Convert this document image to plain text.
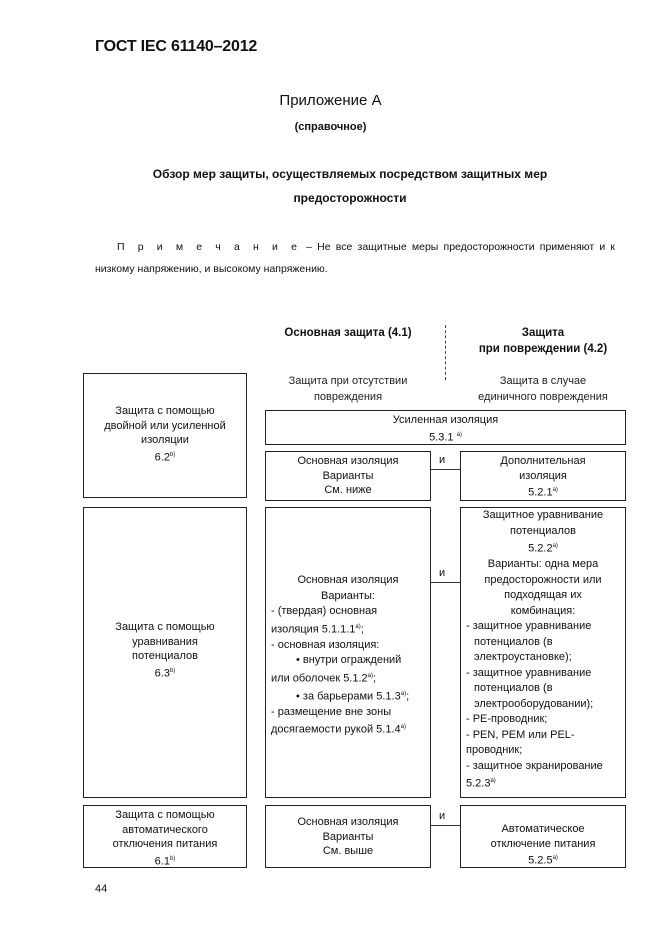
ГОСТ IEC 61140–2012
Приложение А
(справочное)
Обзор мер защиты, осуществляемых посредством защитных мер предосторожности
П р и м е ч а н и е – Не все защитные меры предосторожности применяют и к низкому напряжению, и высокому напряжению.
Основная защита (4.1)	Защита
при повреждении (4.2)
Защита при отсутствии
повреждения
Защита в случае
единичного повреждения
Защита с помощью
двойной или усиленной
изоляции
6.2$^{b)}$
Усиленная изоляция
5.3.1 $^{a)}$
Основная изоляция
Варианты
См. ниже
и	Дополнительная
изоляция
5.2.1$^{a)}$
Защита с помощью
уравнивания
потенциалов
6.3$^{b)}$
Основная изоляция
Варианты:
- (твердая) основная
изоляция 5.1.1.1$^{a)}$;
- основная изоляция:
• внутри ограждений
или оболочек 5.1.2$^{a)}$;
• за барьерами 5.1.3$^{a)}$;
- размещение вне зоны
досягаемости рукой 5.1.4$^{a)}$
и
Защитное уравнивание
потенциалов
5.2.2$^{a)}$
Варианты: одна мера
предосторожности или
подходящая их
комбинация:
- защитное уравнивание
потенциалов (в
электроустановке);
- защитное уравнивание
потенциалов (в
электрооборудовании);
- PE-проводник;
- PEN, PEM или PEL-
проводник;
- защитное экранирование
5.2.3$^{a)}$
Защита с помощью
автоматического
отключения питания
6.1$^{b)}$
Основная изоляция
Варианты
См. выше
и
Автоматическое
отключение питания
5.2.5$^{a)}$
44
